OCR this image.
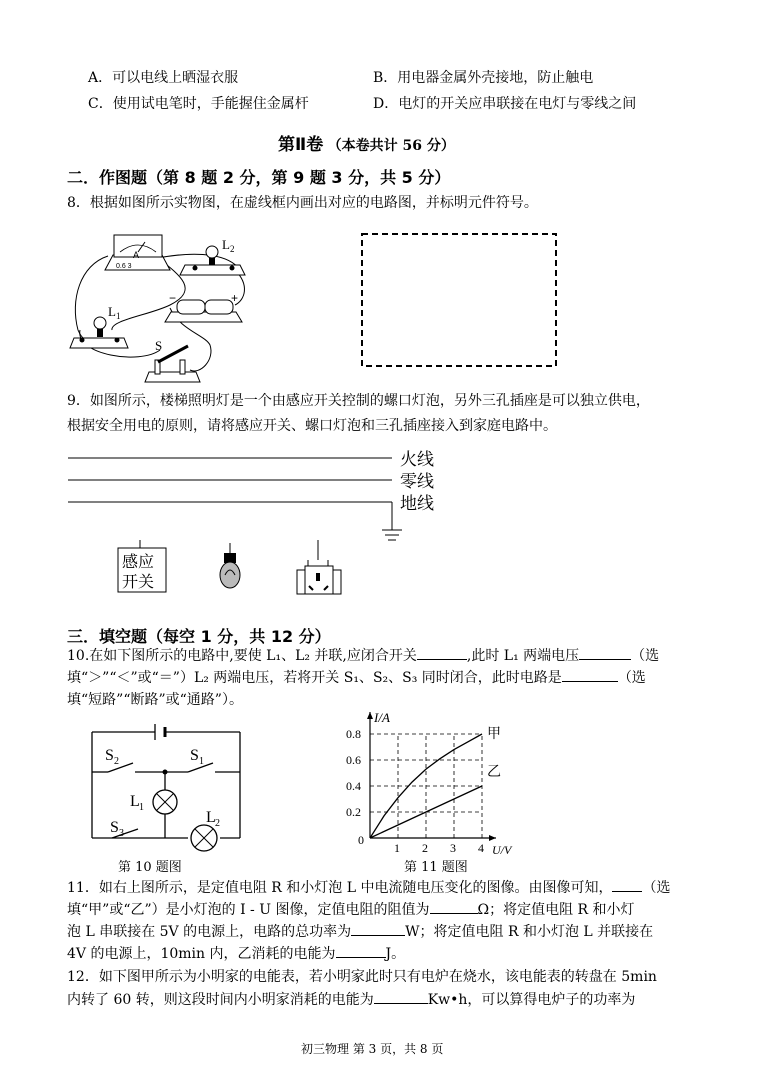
A．可以电线上晒湿衣服	B．用电器金属外壳接地，防止触电
C．使用试电笔时，手能握住金属杆	D．电灯的开关应串联接在电灯与零线之间
第Ⅱ卷 （本卷共计 56 分）
二．作图题（第 8 题 2 分，第 9 题 3 分，共 5 分）
8．根据如图所示实物图，在虚线框内画出对应的电路图，并标明元件符号。
A
0.6 3
L 2
L 1
−	+
S
9．如图所示，楼梯照明灯是一个由感应开关控制的螺口灯泡，另外三孔插座是可以独立供电，
根据安全用电的原则，请将感应开关、螺口灯泡和三孔插座接入到家庭电路中。
火线
零线
地线
感应
开关
三．填空题（每空 1 分，共 12 分）
10.在如下图所示的电路中,要使 L₁、L₂ 并联,应闭合开关	,此时 L₁ 两端电压	（选
填“＞”“＜”或“＝”）L₂ 两端电压，若将开关 S₁、S₂、S₃ 同时闭合，此时电路是	（选
填“短路”“断路”或“通路”）。
S 2	S 1
L 1
L 2
S 3
第 10 题图
1 2 3 4
0.2
0.4
0.6
0.8
0
I/A
U/V
甲
乙
第 11 题图
11．如右上图所示，是定值电阻 R 和小灯泡 L 中电流随电压变化的图像。由图像可知， （选
填“甲”或“乙”）是小灯泡的 I - U 图像，定值电阻的阻值为	Ω；将定值电阻 R 和小灯
泡 L 串联接在 5V 的电源上，电路的总功率为	W；将定值电阻 R 和小灯泡 L 并联接在
4V 的电源上，10min 内，乙消耗的电能为	J。
12．如下图甲所示为小明家的电能表，若小明家此时只有电炉在烧水，该电能表的转盘在 5min
内转了 60 转，则这段时间内小明家消耗的电能为	Kw•h，可以算得电炉子的功率为
初三物理 第 3 页，共 8 页
